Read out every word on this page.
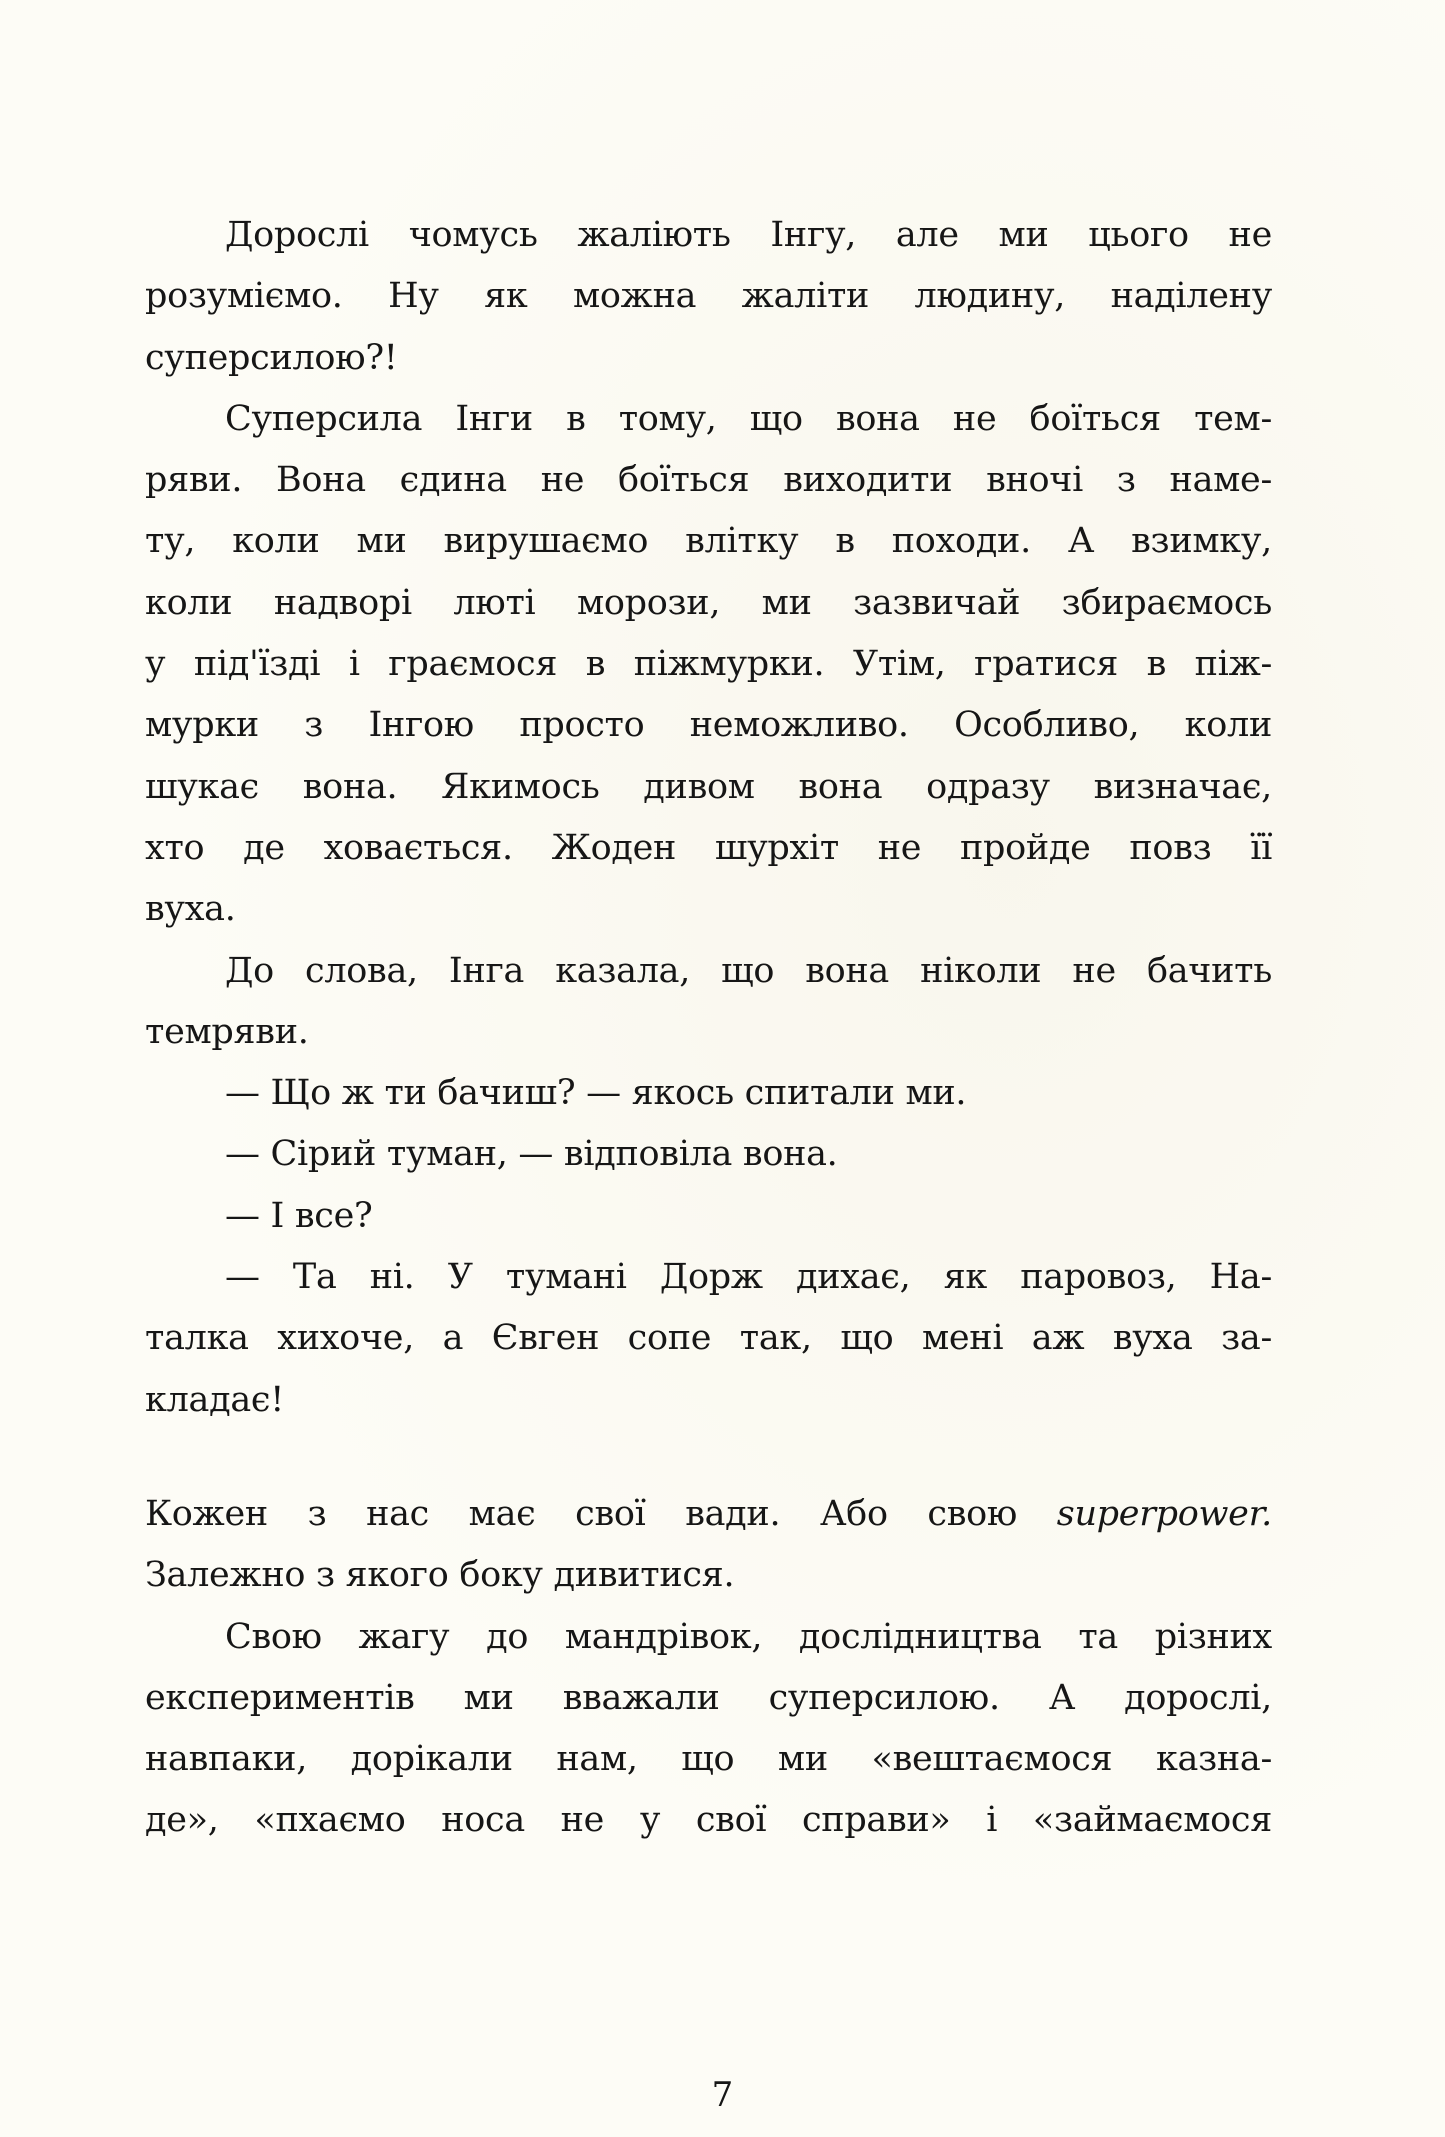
Дорослі чомусь жаліють Інгу, але ми цього не
розуміємо. Ну як можна жаліти людину, наділену
суперсилою?!
Суперсила Інги в тому, що вона не боїться тем-
ряви. Вона єдина не боїться виходити вночі з наме-
ту, коли ми вирушаємо влітку в походи. А взимку,
коли надворі люті морози, ми зазвичай збираємось
у під'їзді і граємося в піжмурки. Утім, гратися в піж-
мурки з Інгою просто неможливо. Особливо, коли
шукає вона. Якимось дивом вона одразу визначає,
хто де ховається. Жоден шурхіт не пройде повз її
вуха.
До слова, Інга казала, що вона ніколи не бачить
темряви.
— Що ж ти бачиш? — якось спитали ми.
— Сірий туман, — відповіла вона.
— І все?
— Та ні. У тумані Дорж дихає, як паровоз, На-
талка хихоче, а Євген сопе так, що мені аж вуха за-
кладає!
Кожен з нас має свої вади. Або свою superpower.
Залежно з якого боку дивитися.
Свою жагу до мандрівок, дослідництва та різних
експериментів ми вважали суперсилою. А дорослі,
навпаки, дорікали нам, що ми «вештаємося казна-
де», «пхаємо носа не у свої справи» і «займаємося
7
